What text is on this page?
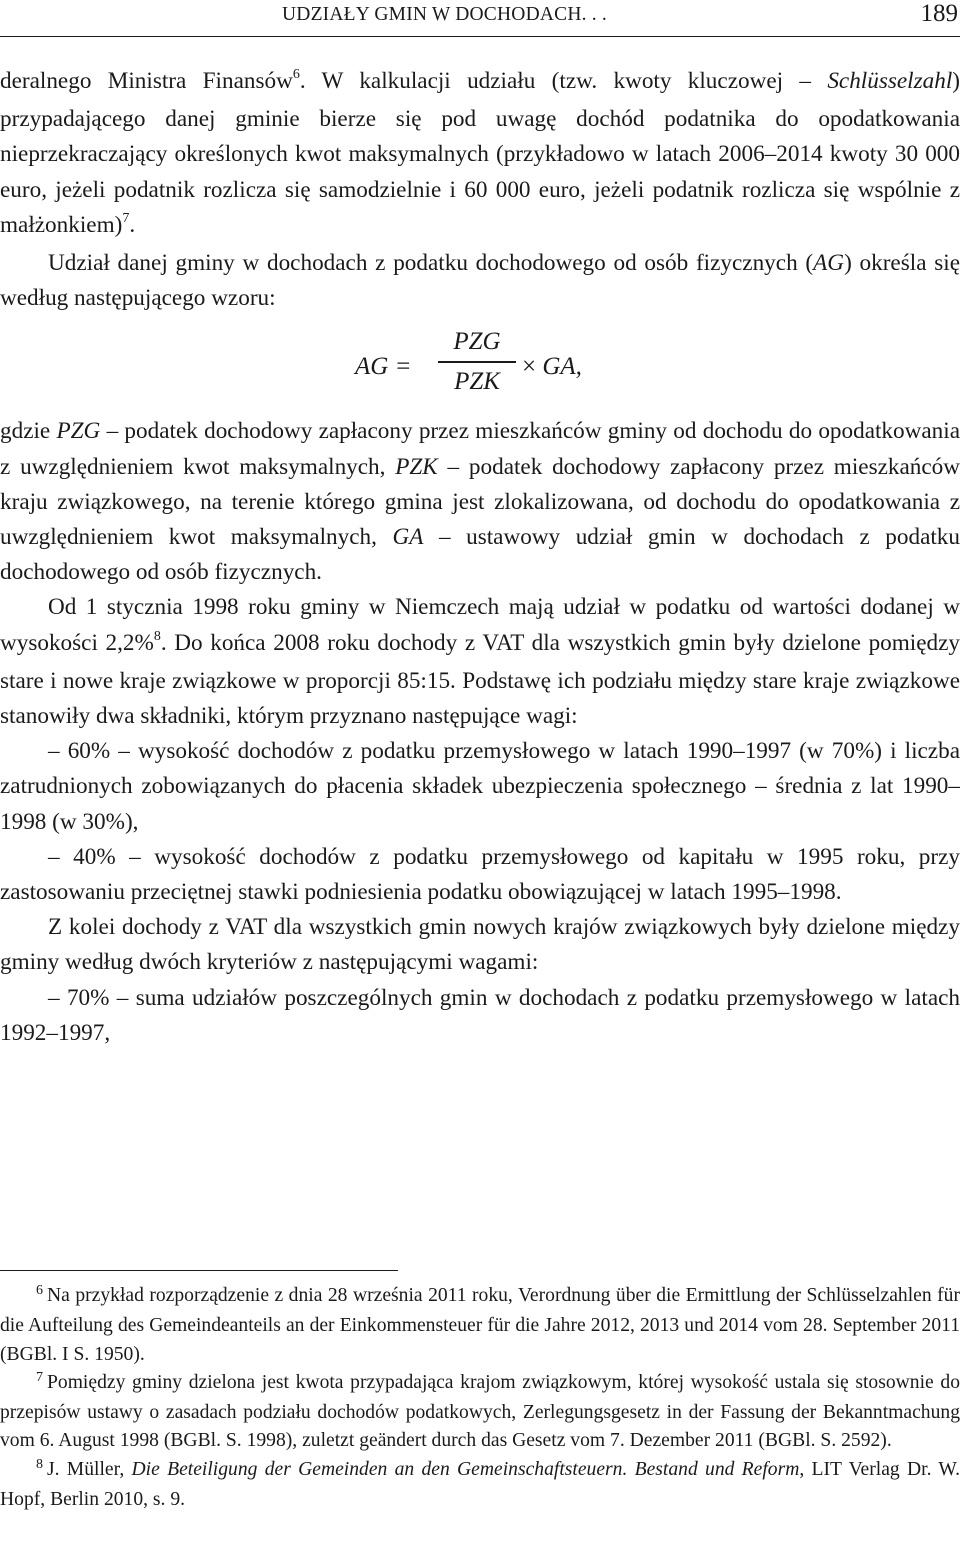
UDZIAŁY GMIN W DOCHODACH. . .	189

deralnego Ministra Finansów$^6$. W kalkulacji udziału (tzw. kwoty kluczowej – Schlüsselzahl) przypadającego danej gminie bierze się pod uwagę dochód podatnika do opodatkowania nieprzekraczający określonych kwot maksymalnych (przykładowo w latach 2006–2014 kwoty 30 000 euro, jeżeli podatnik rozlicza się samodzielnie i 60 000 euro, jeżeli podatnik rozlicza się wspólnie z małżonkiem)$^7$.

Udział danej gminy w dochodach z podatku dochodowego od osób fizycznych (AG) określa się według następującego wzoru:

AG =
PZG
PZK
× GA,

gdzie PZG – podatek dochodowy zapłacony przez mieszkańców gminy od dochodu do opodatkowania z uwzględnieniem kwot maksymalnych, PZK – podatek dochodowy zapłacony przez mieszkańców kraju związkowego, na terenie którego gmina jest zlokalizowana, od dochodu do opodatkowania z uwzględnieniem kwot maksymalnych, GA – ustawowy udział gmin w dochodach z podatku dochodowego od osób fizycznych.

Od 1 stycznia 1998 roku gminy w Niemczech mają udział w podatku od wartości dodanej w wysokości 2,2%$^8$. Do końca 2008 roku dochody z VAT dla wszystkich gmin były dzielone pomiędzy stare i nowe kraje związkowe w proporcji 85:15. Podstawę ich podziału między stare kraje związkowe stanowiły dwa składniki, którym przyznano następujące wagi:

– 60% – wysokość dochodów z podatku przemysłowego w latach 1990–1997 (w 70%) i liczba zatrudnionych zobowiązanych do płacenia składek ubezpieczenia społecznego – średnia z lat 1990–1998 (w 30%),

– 40% – wysokość dochodów z podatku przemysłowego od kapitału w 1995 roku, przy zastosowaniu przeciętnej stawki podniesienia podatku obowiązującej w latach 1995–1998.

Z kolei dochody z VAT dla wszystkich gmin nowych krajów związkowych były dzielone między gminy według dwóch kryteriów z następującymi wagami:

– 70% – suma udziałów poszczególnych gmin w dochodach z podatku przemysłowego w latach 1992–1997,

$^6$ Na przykład rozporządzenie z dnia 28 września 2011 roku, Verordnung über die Ermittlung der Schlüsselzahlen für die Aufteilung des Gemeindeanteils an der Einkommensteuer für die Jahre 2012, 2013 und 2014 vom 28. September 2011 (BGBl. I S. 1950).

$^7$ Pomiędzy gminy dzielona jest kwota przypadająca krajom związkowym, której wysokość ustala się stosownie do przepisów ustawy o zasadach podziału dochodów podatkowych, Zerlegungsgesetz in der Fassung der Bekanntmachung vom 6. August 1998 (BGBl. S. 1998), zuletzt geändert durch das Gesetz vom 7. Dezember 2011 (BGBl. S. 2592).

$^8$ J. Müller, Die Beteiligung der Gemeinden an den Gemeinschaftsteuern. Bestand und Reform, LIT Verlag Dr. W. Hopf, Berlin 2010, s. 9.
